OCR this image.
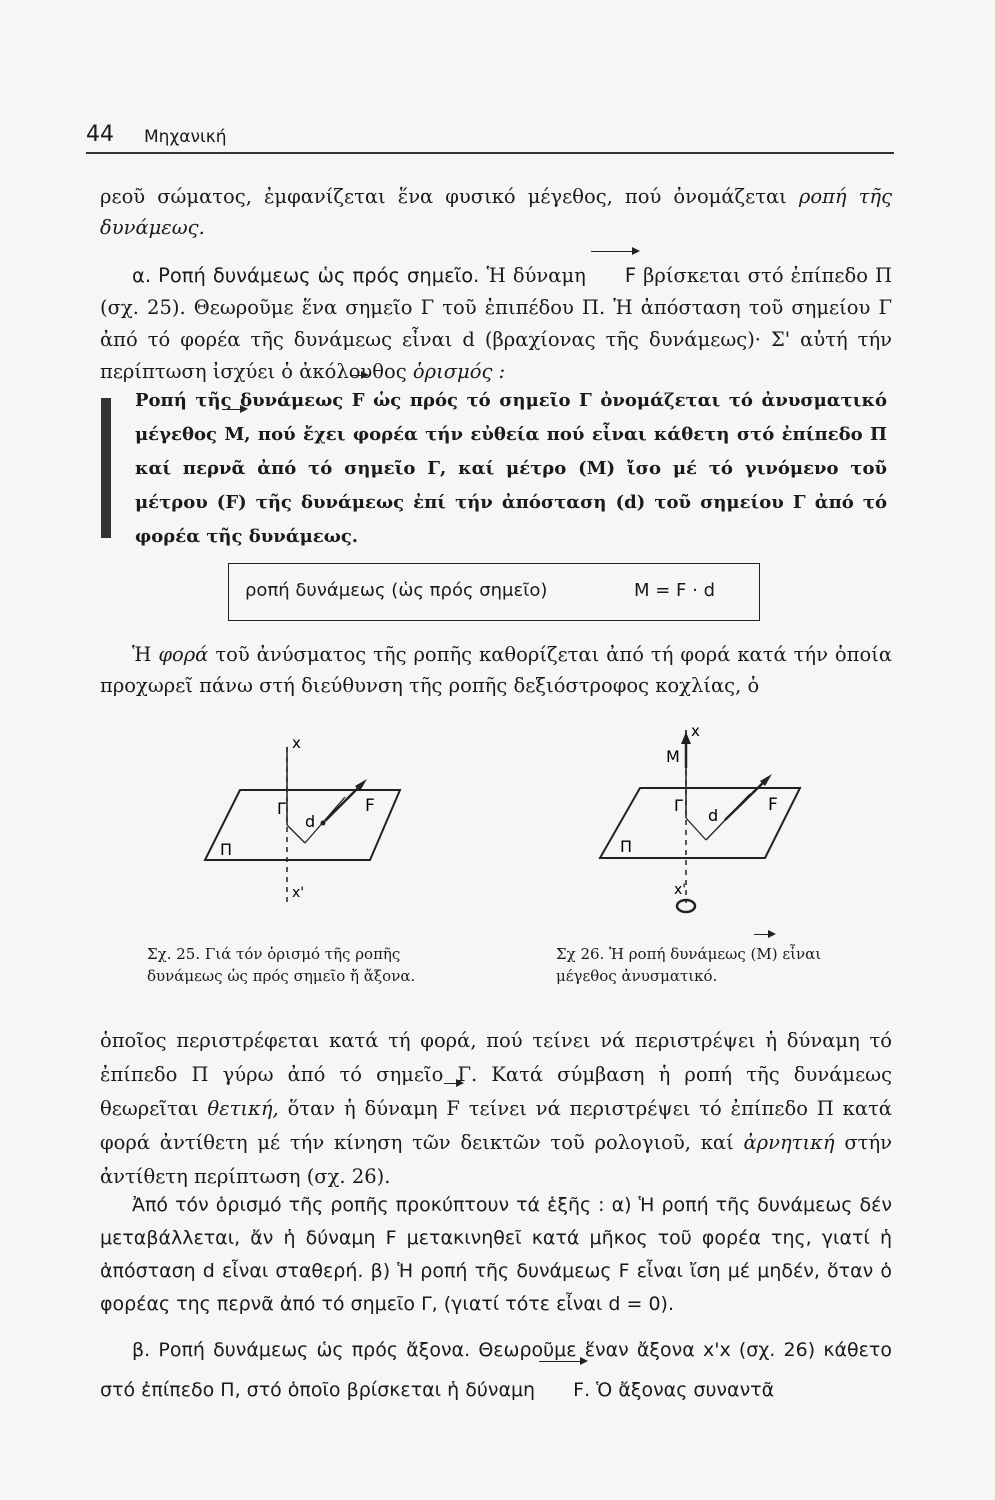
44 Μηχανική

ρεοῦ σώματος, ἐμφανίζεται ἕνα φυσικό μέγεθος, πού ὀνομάζεται ροπή τῆς δυνάμεως.

α. Ροπή δυνάμεως ὡς πρός σημεῖο. Ἡ δύναμη F βρίσκεται στό ἐπίπεδο Π (σχ. 25). Θεωροῦμε ἕνα σημεῖο Γ τοῦ ἐπιπέδου Π. Ἡ ἀπόσταση τοῦ σημείου Γ ἀπό τό φορέα τῆς δυνάμεως εἶναι d (βραχίονας τῆς δυνάμεως)· Σ' αὐτή τήν περίπτωση ἰσχύει ὁ ἀκόλουθος ὁρισμός :

Ροπή τῆς δυνάμεως F ὡς πρός τό σημεῖο Γ ὀνομάζεται τό ἀνυσματικό μέγεθος M, πού ἔχει φορέα τήν εὐθεία πού εἶναι κάθετη στό ἐπίπεδο Π καί περνᾶ ἀπό τό σημεῖο Γ, καί μέτρο (Μ) ἴσο μέ τό γινόμενο τοῦ μέτρου (F) τῆς δυνάμεως ἐπί τήν ἀπόσταση (d) τοῦ σημείου Γ ἀπό τό φορέα τῆς δυνάμεως.

ροπή δυνάμεως (ὡς πρός σημεῖο)	M = F · d

Ἡ φορά τοῦ ἀνύσματος τῆς ροπῆς καθορίζεται ἀπό τή φορά κατά τήν ὁποία προχωρεῖ πάνω στή διεύθυνση τῆς ροπῆς δεξιόστροφος κοχλίας, ὁ

x
Γ
d
F
Π
x'

Σχ. 25. Γιά τόν ὁρισμό τῆς ροπῆς δυνάμεως ὡς πρός σημεῖο ἤ ἄξονα.

x
M
Γ
d
F
Π
x'

Σχ 26. Ἡ ροπή δυνάμεως (M) εἶναι μέγεθος ἀνυσματικό.

ὁποῖος περιστρέφεται κατά τή φορά, πού τείνει νά περιστρέψει ἡ δύναμη τό ἐπίπεδο Π γύρω ἀπό τό σημεῖο Γ. Κατά σύμβαση ἡ ροπή τῆς δυνάμεως θεωρεῖται θετική, ὅταν ἡ δύναμη F τείνει νά περιστρέψει τό ἐπίπεδο Π κατά φορά ἀντίθετη μέ τήν κίνηση τῶν δεικτῶν τοῦ ρολογιοῦ, καί ἀρνητική στήν ἀντίθετη περίπτωση (σχ. 26).

Ἀπό τόν ὁρισμό τῆς ροπῆς προκύπτουν τά ἑξῆς : α) Ἡ ροπή τῆς δυνάμεως δέν μεταβάλλεται, ἄν ἡ δύναμη F μετακινηθεῖ κατά μῆκος τοῦ φορέα της, γιατί ἡ ἀπόσταση d εἶναι σταθερή. β) Ἡ ροπή τῆς δυνάμεως F εἶναι ἴση μέ μηδέν, ὅταν ὁ φορέας της περνᾶ ἀπό τό σημεῖο Γ, (γιατί τότε εἶναι d = 0).

β. Ροπή δυνάμεως ὡς πρός ἄξονα. Θεωροῦμε ἕναν ἄξονα x'x (σχ. 26) κάθετο στό ἐπίπεδο Π, στό ὁποῖο βρίσκεται ἡ δύναμη F. Ὁ ἄξονας συναντᾶ
